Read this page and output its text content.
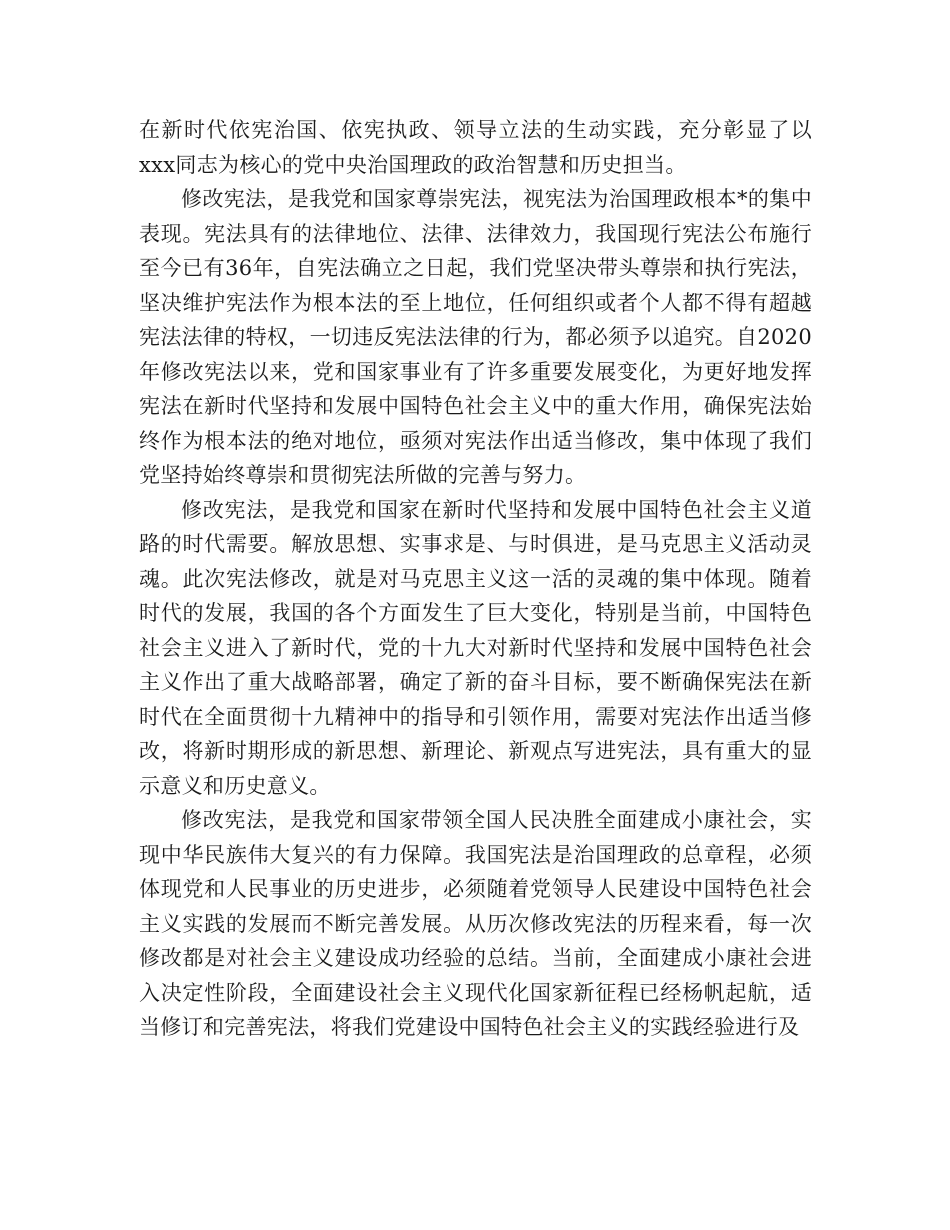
在新时代依宪治国、依宪执政、领导立法的生动实践，充分彰显了以xxx同志为核心的党中央治国理政的政治智慧和历史担当。

修改宪法，是我党和国家尊崇宪法，视宪法为治国理政根本*的集中表现。宪法具有的法律地位、法律、法律效力，我国现行宪法公布施行至今已有36年，自宪法确立之日起，我们党坚决带头尊崇和执行宪法，坚决维护宪法作为根本法的至上地位，任何组织或者个人都不得有超越宪法法律的特权，一切违反宪法法律的行为，都必须予以追究。自2020年修改宪法以来，党和国家事业有了许多重要发展变化，为更好地发挥宪法在新时代坚持和发展中国特色社会主义中的重大作用，确保宪法始终作为根本法的绝对地位，亟须对宪法作出适当修改，集中体现了我们党坚持始终尊崇和贯彻宪法所做的完善与努力。

修改宪法，是我党和国家在新时代坚持和发展中国特色社会主义道路的时代需要。解放思想、实事求是、与时俱进，是马克思主义活动灵魂。此次宪法修改，就是对马克思主义这一活的灵魂的集中体现。随着时代的发展，我国的各个方面发生了巨大变化，特别是当前，中国特色社会主义进入了新时代，党的十九大对新时代坚持和发展中国特色社会主义作出了重大战略部署，确定了新的奋斗目标，要不断确保宪法在新时代在全面贯彻十九精神中的指导和引领作用，需要对宪法作出适当修改，将新时期形成的新思想、新理论、新观点写进宪法，具有重大的显示意义和历史意义。

修改宪法，是我党和国家带领全国人民决胜全面建成小康社会，实现中华民族伟大复兴的有力保障。我国宪法是治国理政的总章程，必须体现党和人民事业的历史进步，必须随着党领导人民建设中国特色社会主义实践的发展而不断完善发展。从历次修改宪法的历程来看，每一次修改都是对社会主义建设成功经验的总结。当前，全面建成小康社会进入决定性阶段，全面建设社会主义现代化国家新征程已经杨帆起航，适当修订和完善宪法，将我们党建设中国特色社会主义的实践经验进行及
